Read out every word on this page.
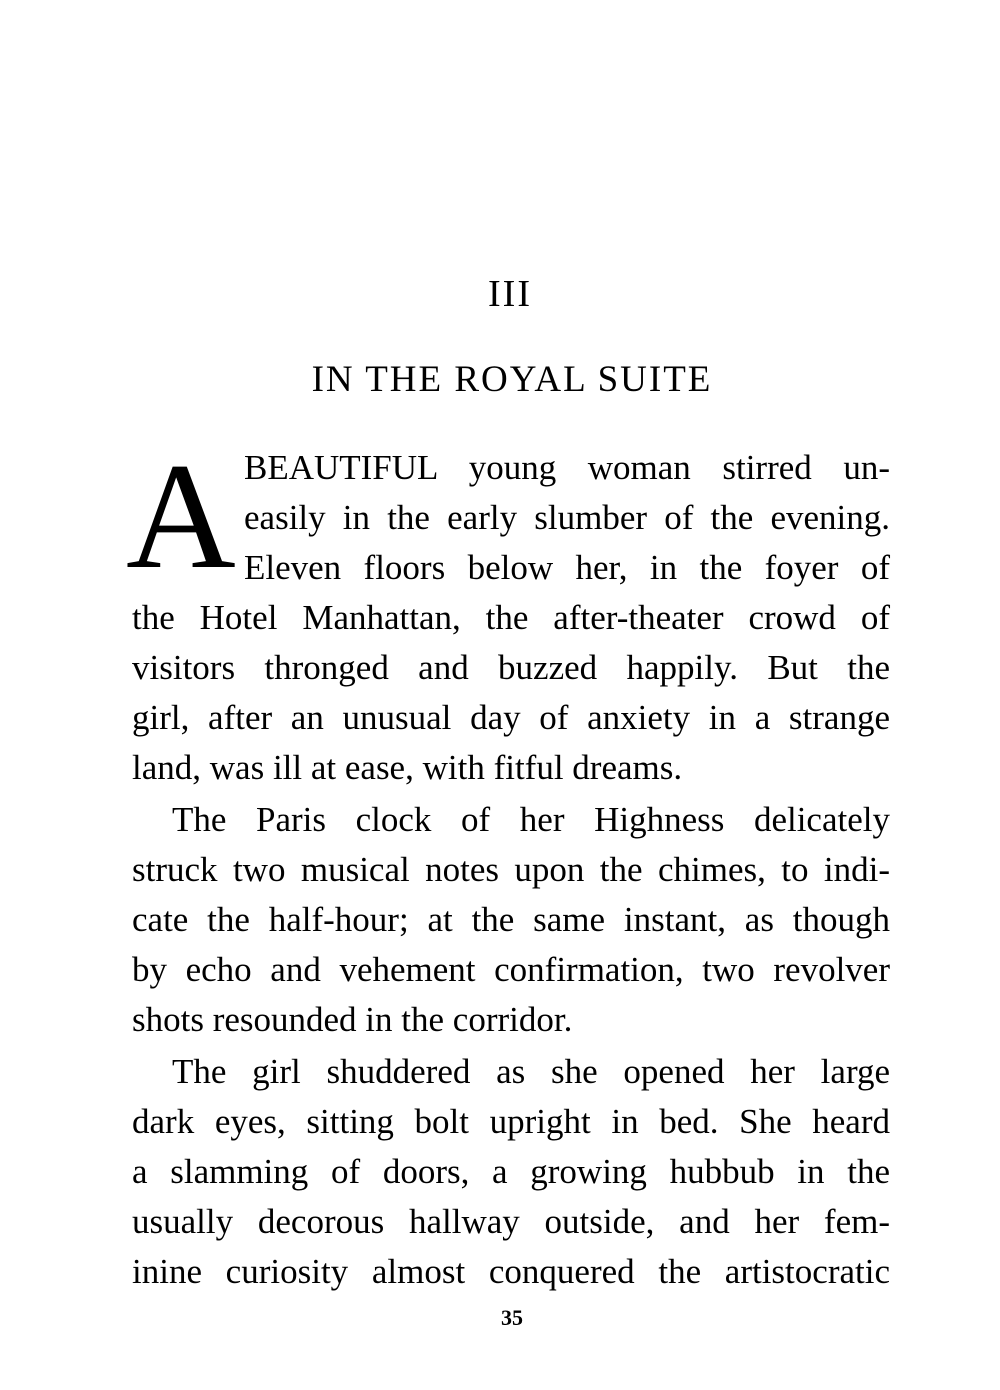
III
IN THE ROYAL SUITE
A BEAUTIFUL young woman stirred un-
easily in the early slumber of the evening.
Eleven floors below her, in the foyer of
the Hotel Manhattan, the after-theater crowd of
visitors thronged and buzzed happily. But the
girl, after an unusual day of anxiety in a strange
land, was ill at ease, with fitful dreams.
The Paris clock of her Highness delicately
struck two musical notes upon the chimes, to indi-
cate the half-hour; at the same instant, as though
by echo and vehement confirmation, two revolver
shots resounded in the corridor.
The girl shuddered as she opened her large
dark eyes, sitting bolt upright in bed. She heard
a slamming of doors, a growing hubbub in the
usually decorous hallway outside, and her fem-
inine curiosity almost conquered the artistocratic
35
